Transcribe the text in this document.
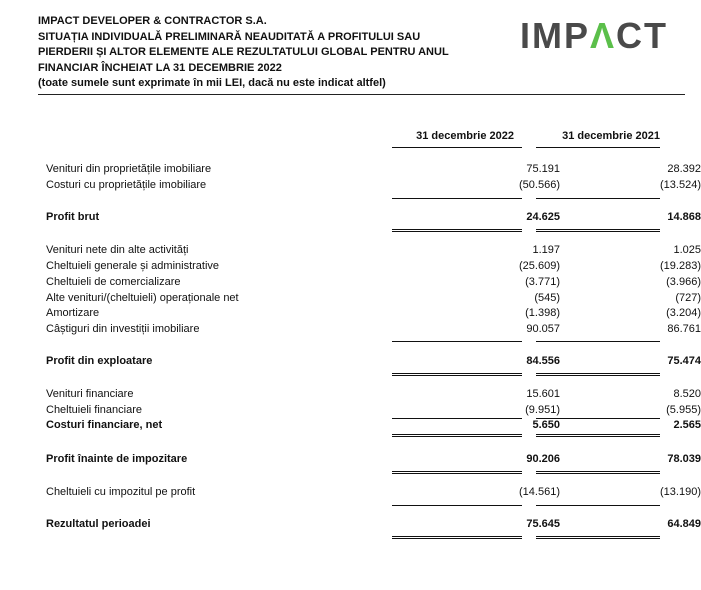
IMPACT DEVELOPER & CONTRACTOR S.A.
SITUAȚIA INDIVIDUALĂ PRELIMINARĂ NEAUDITATĂ A PROFITULUI SAU
PIERDERII ȘI ALTOR ELEMENTE ALE REZULTATULUI GLOBAL PENTRU ANUL
FINANCIAR ÎNCHEIAT LA 31 DECEMBRIE 2022
(toate sumele sunt exprimate în mii LEI, dacă nu este indicat altfel)
IMPΛCT
31 decembrie 2022	31 decembrie 2021
Venituri din proprietățile imobiliare	75.191	28.392
Costuri cu proprietățile imobiliare	(50.566)	(13.524)
Profit brut	24.625	14.868
Venituri nete din alte activități	1.197	1.025
Cheltuieli generale și administrative	(25.609)	(19.283)
Cheltuieli de comercializare	(3.771)	(3.966)
Alte venituri/(cheltuieli) operaționale net	(545)	(727)
Amortizare	(1.398)	(3.204)
Câștiguri din investiții imobiliare	90.057	86.761
Profit din exploatare	84.556	75.474
Venituri financiare	15.601	8.520
Cheltuieli financiare	(9.951)	(5.955)
Costuri financiare, net	5.650	2.565
Profit înainte de impozitare	90.206	78.039
Cheltuieli cu impozitul pe profit	(14.561)	(13.190)
Rezultatul perioadei	75.645	64.849
